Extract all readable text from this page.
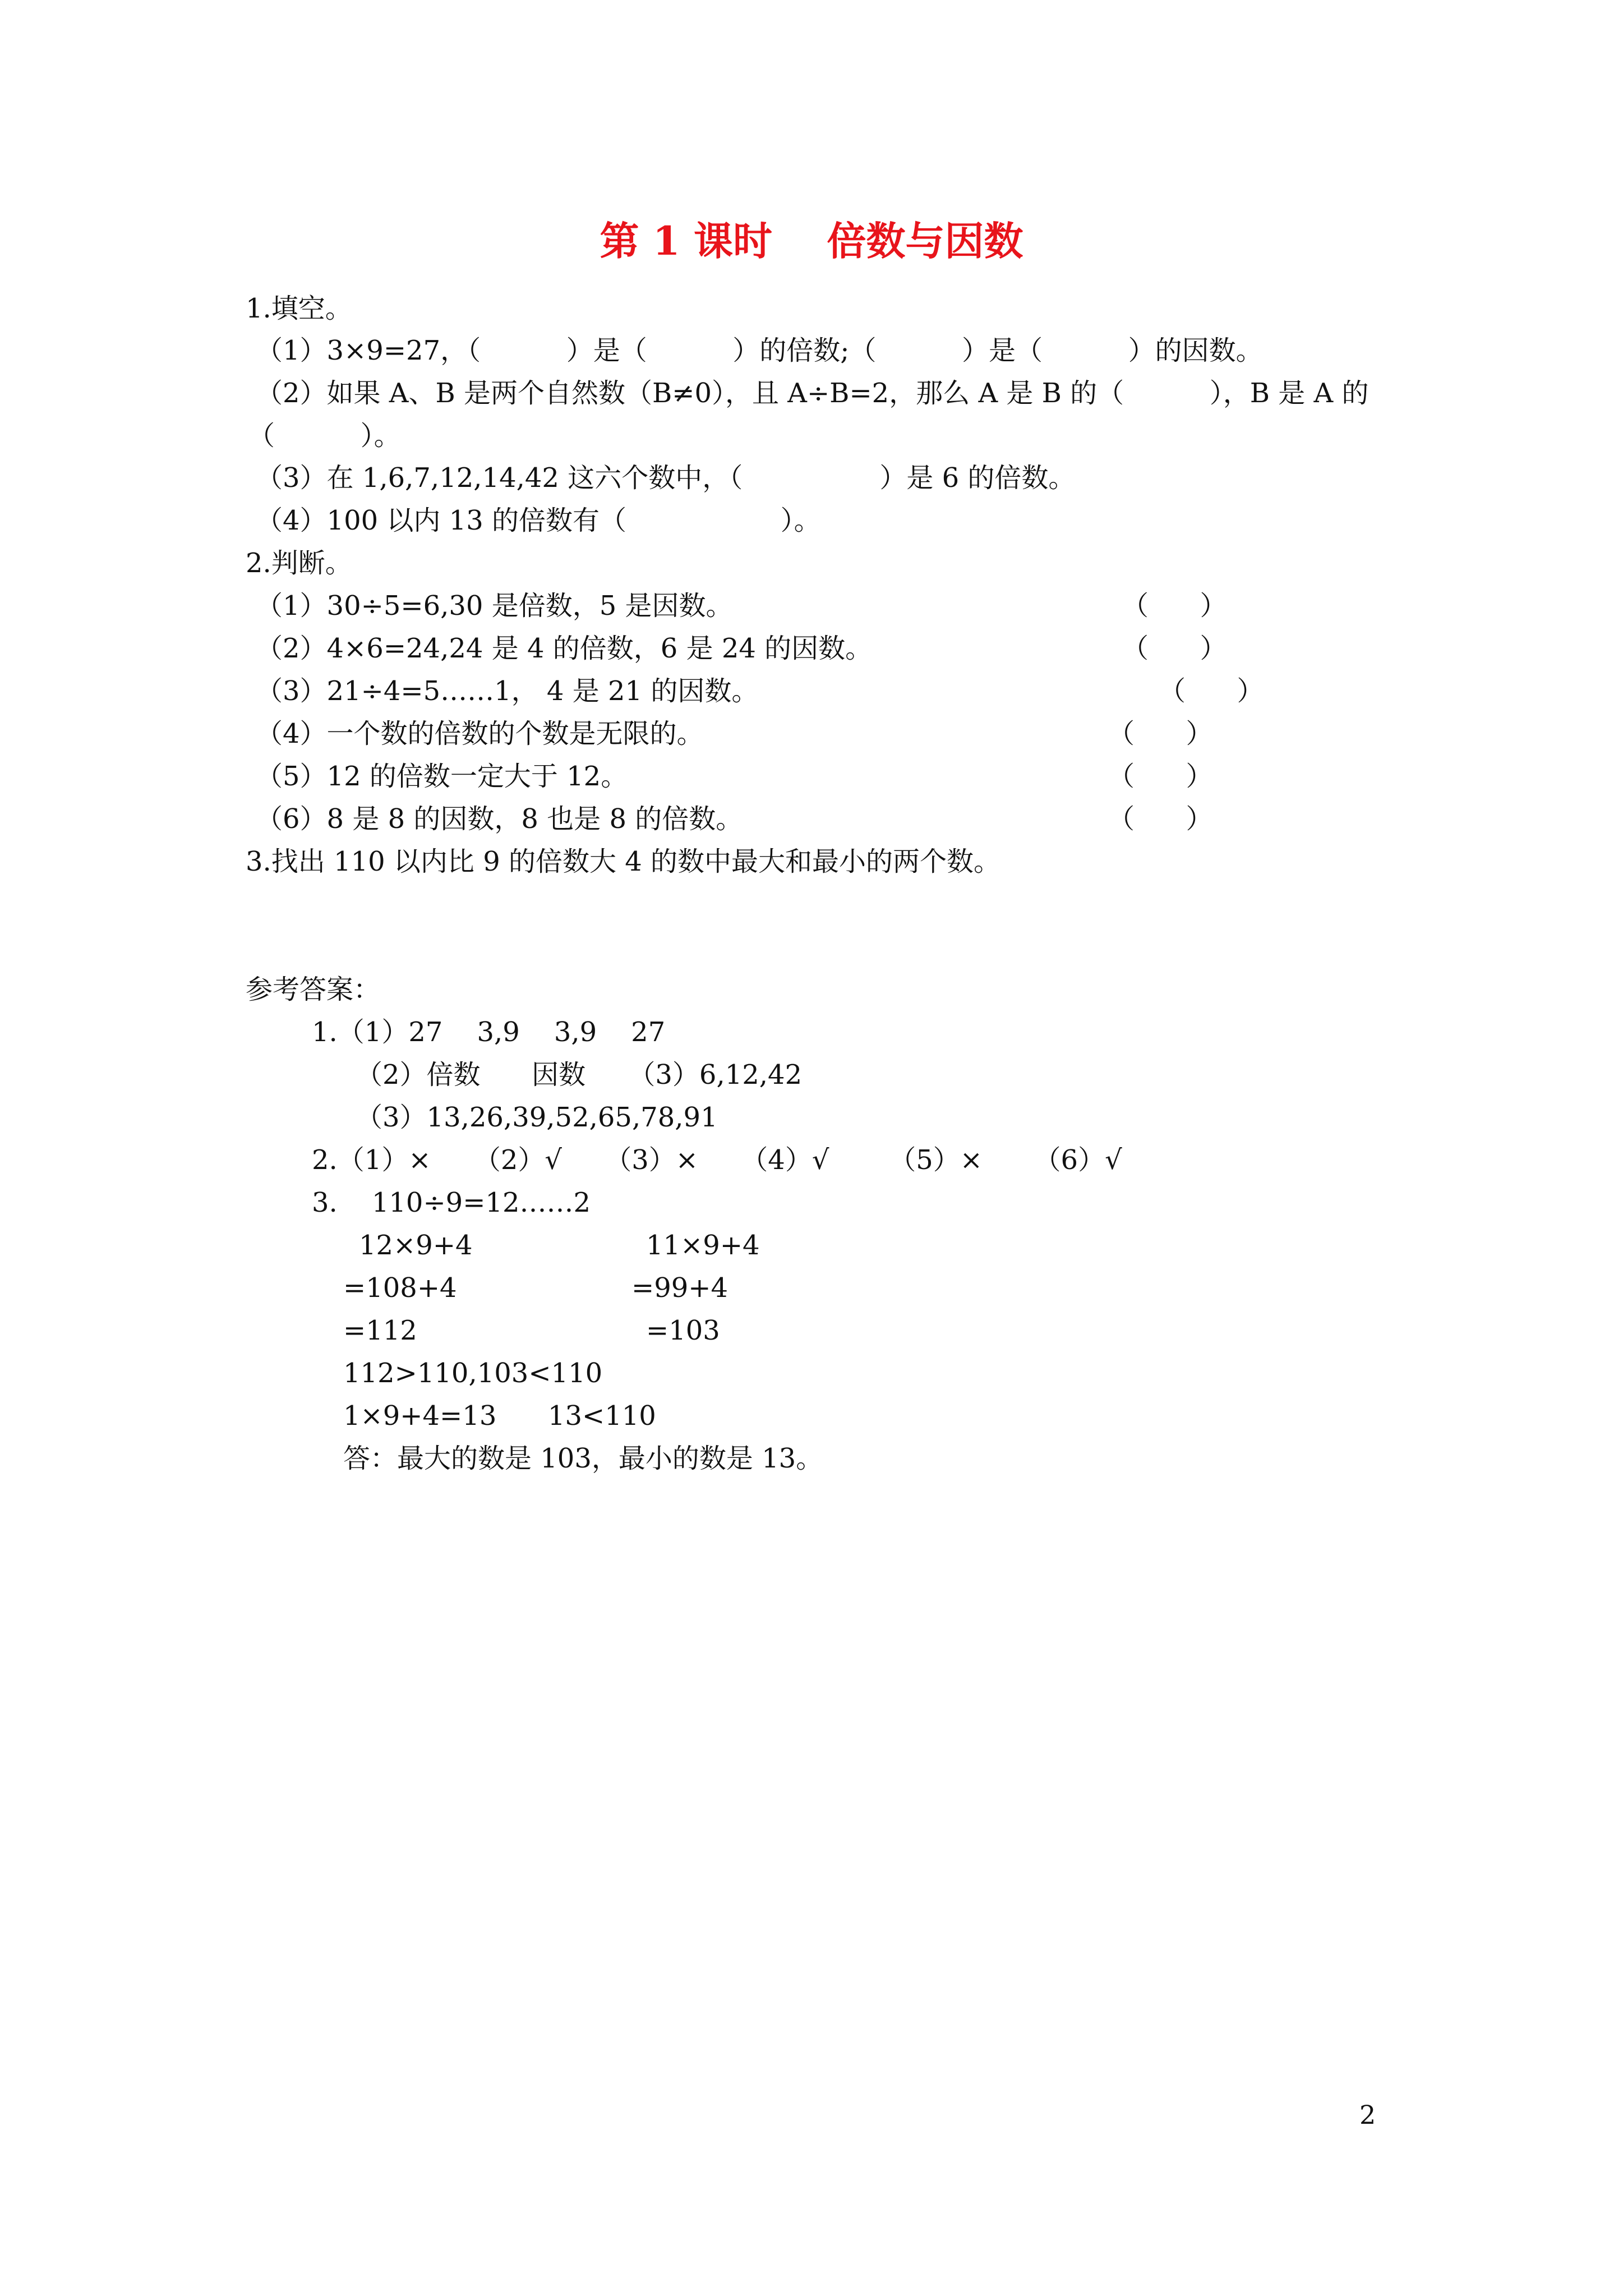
第 1 课时    倍数与因数
1.填空。
（1）3×9=27，（          ）是（          ）的倍数;（          ）是（          ）的因数。
（2）如果 A、B 是两个自然数（B≠0），且 A÷B=2，那么 A 是 B 的（          ），B 是 A 的
（          ）。
（3）在 1,6,7,12,14,42 这六个数中，（                ）是 6 的倍数。
（4）100 以内 13 的倍数有（                  ）。
2.判断。
（1）30÷5=6,30 是倍数，5 是因数。	（      ）
（2）4×6=24,24 是 4 的倍数，6 是 24 的因数。	（      ）
（3）21÷4=5……1， 4 是 21 的因数。	（      ）
（4）一个数的倍数的个数是无限的。	（      ）
（5）12 的倍数一定大于 12。	（      ）
（6）8 是 8 的因数，8 也是 8 的倍数。	（      ）
3.找出 110 以内比 9 的倍数大 4 的数中最大和最小的两个数。
参考答案：
1.（1）27    3,9    3,9    27
（2）倍数      因数     （3）6,12,42
（3）13,26,39,52,65,78,91
2.（1）×     （2）√     （3）×     （4）√       （5）×      （6）√
3.    110÷9=12……2
12×9+4	11×9+4
=108+4	=99+4
=112	=103
112>110,103<110
1×9+4=13      13<110
答：最大的数是 103，最小的数是 13。
2
